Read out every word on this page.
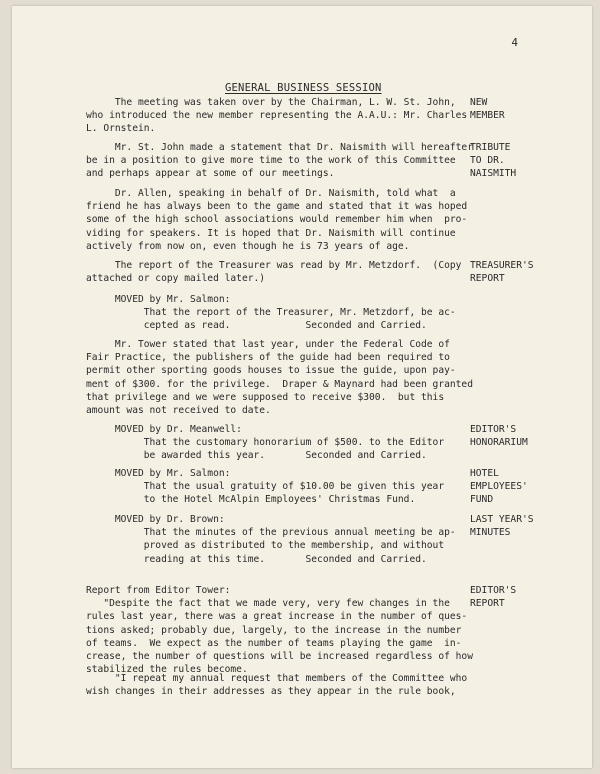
4
GENERAL BUSINESS SESSION
The meeting was taken over by the Chairman, L. W. St. John,
who introduced the new member representing the A.A.U.: Mr. Charles
L. Ornstein.
NEW
MEMBER
Mr. St. John made a statement that Dr. Naismith will hereafter
be in a position to give more time to the work of this Committee
and perhaps appear at some of our meetings.
TRIBUTE
TO DR.
NAISMITH
Dr. Allen, speaking in behalf of Dr. Naismith, told what  a
friend he has always been to the game and stated that it was hoped
some of the high school associations would remember him when  pro-
viding for speakers. It is hoped that Dr. Naismith will continue
actively from now on, even though he is 73 years of age.
The report of the Treasurer was read by Mr. Metzdorf.  (Copy
attached or copy mailed later.)
TREASURER'S
REPORT
MOVED by Mr. Salmon:
That the report of the Treasurer, Mr. Metzdorf, be ac-
cepted as read.             Seconded and Carried.
Mr. Tower stated that last year, under the Federal Code of
Fair Practice, the publishers of the guide had been required to
permit other sporting goods houses to issue the guide, upon pay-
ment of $300. for the privilege.  Draper & Maynard had been granted
that privilege and we were supposed to receive $300.  but this
amount was not received to date.
MOVED by Dr. Meanwell:
That the customary honorarium of $500. to the Editor
be awarded this year.       Seconded and Carried.
EDITOR'S
HONORARIUM
MOVED by Mr. Salmon:
That the usual gratuity of $10.00 be given this year
to the Hotel McAlpin Employees' Christmas Fund.
HOTEL
EMPLOYEES'
FUND
MOVED by Dr. Brown:
That the minutes of the previous annual meeting be ap-
proved as distributed to the membership, and without
reading at this time.       Seconded and Carried.
LAST YEAR'S
MINUTES
Report from Editor Tower:
"Despite the fact that we made very, very few changes in the
rules last year, there was a great increase in the number of ques-
tions asked; probably due, largely, to the increase in the number
of teams.  We expect as the number of teams playing the game  in-
crease, the number of questions will be increased regardless of how
stabilized the rules become.
EDITOR'S
REPORT
"I repeat my annual request that members of the Committee who
wish changes in their addresses as they appear in the rule book,
